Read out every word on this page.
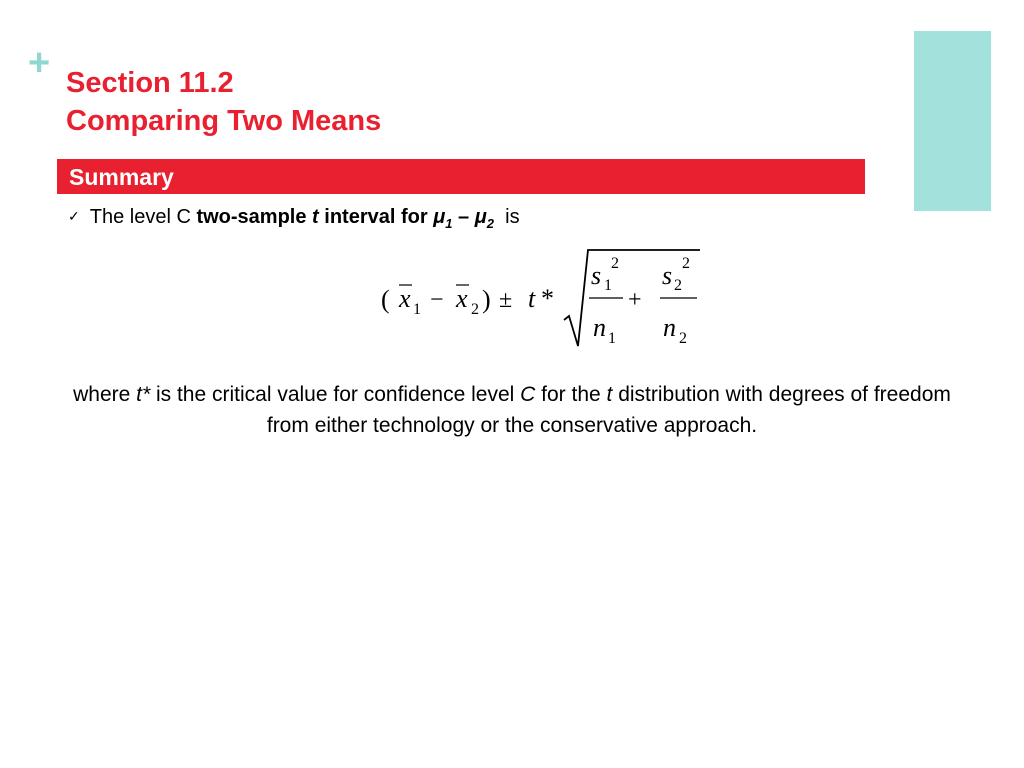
+ Section 11.2
Comparing Two Means
Summary
✓ The level C two-sample t interval for $\mu_1 - \mu_2$  is
( x 1 − x 2 ) ± t *
s 1
2
n 1
+
s 2
2
n 2
where t* is the critical value for confidence level C for the t distribution with degrees of freedom from either technology or the conservative approach.
